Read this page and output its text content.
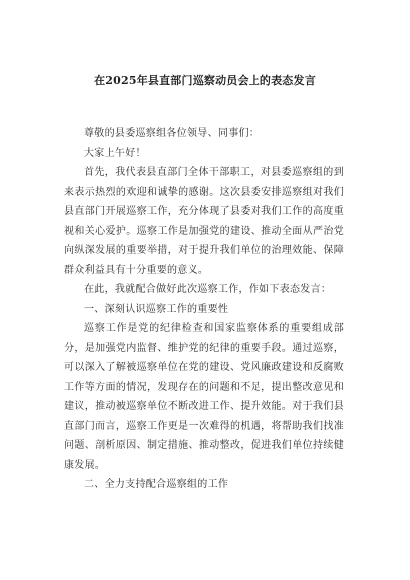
在2025年县直部门巡察动员会上的表态发言

尊敬的县委巡察组各位领导、同事们：

大家上午好！

首先，我代表县直部门全体干部职工，对县委巡察组的到来表示热烈的欢迎和诚挚的感谢。这次县委安排巡察组对我们县直部门开展巡察工作，充分体现了县委对我们工作的高度重视和关心爱护。巡察工作是加强党的建设、推动全面从严治党向纵深发展的重要举措，对于提升我们单位的治理效能、保障群众利益具有十分重要的意义。

在此，我就配合做好此次巡察工作，作如下表态发言：

一、深刻认识巡察工作的重要性

巡察工作是党的纪律检查和国家监察体系的重要组成部分，是加强党内监督、维护党的纪律的重要手段。通过巡察，可以深入了解被巡察单位在党的建设、党风廉政建设和反腐败工作等方面的情况，发现存在的问题和不足，提出整改意见和建议，推动被巡察单位不断改进工作、提升效能。对于我们县直部门而言，巡察工作更是一次难得的机遇，将帮助我们找准问题、剖析原因、制定措施、推动整改，促进我们单位持续健康发展。

二、全力支持配合巡察组的工作
